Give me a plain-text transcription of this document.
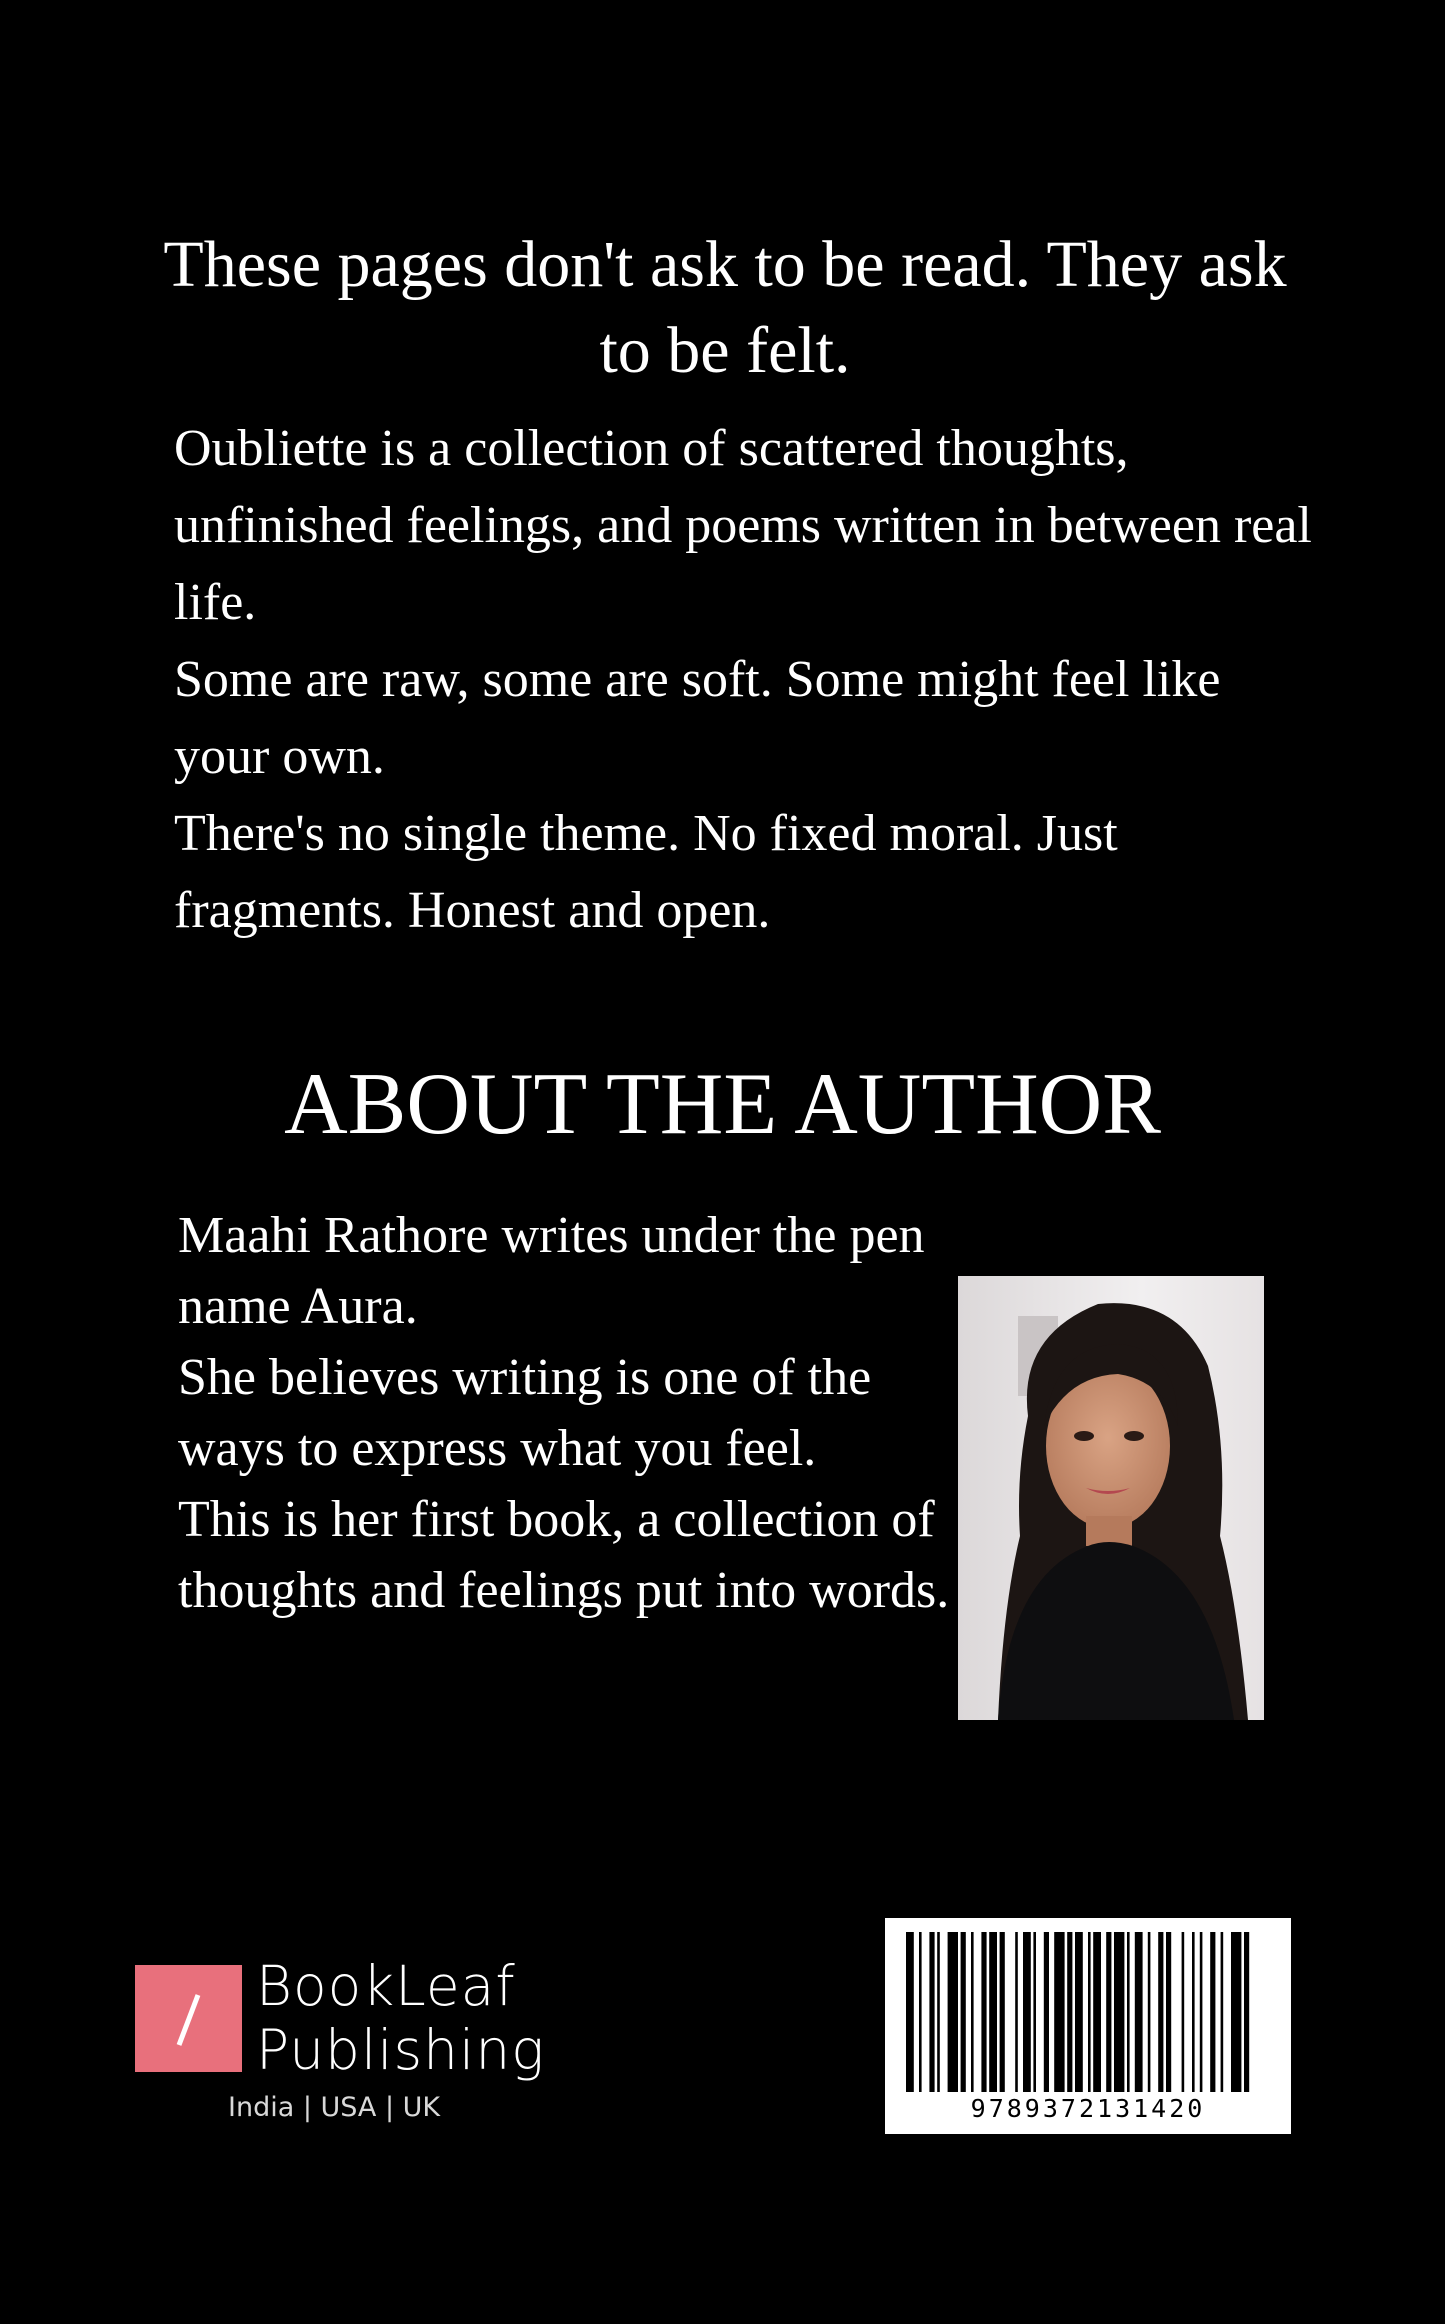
These pages don't ask to be read. They ask to be felt.

Oubliette is a collection of scattered thoughts, unfinished feelings, and poems written in between real life.

Some are raw, some are soft. Some might feel like your own.

There's no single theme. No fixed moral. Just fragments. Honest and open.

ABOUT THE AUTHOR

Maahi Rathore writes under the pen name Aura.

She believes writing is one of the ways to express what you feel.

This is her first book, a collection of thoughts and feelings put into words.

BookLeaf
Publishing
India | USA | UK	9789372131420
